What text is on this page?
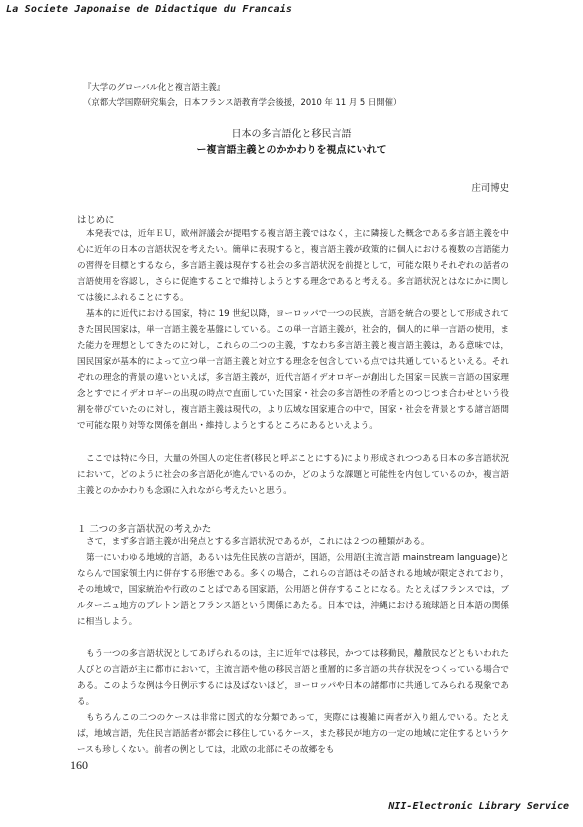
La Societe Japonaise de Didactique du Francais
『大学のグローバル化と複言語主義』
（京都大学国際研究集会，日本フランス語教育学会後援，2010 年 11 月 5 日開催）
日本の多言語化と移民言語
ー複言語主義とのかかわりを視点にいれて
庄司博史
はじめに

本発表では，近年ＥＵ，欧州評議会が提唱する複言語主義ではなく，主に隣接した概念である多言語主義を中心に近年の日本の言語状況を考えたい。簡単に表現すると，複言語主義が政策的に個人における複数の言語能力の習得を目標とするなら，多言語主義は現存する社会の多言語状況を前提として，可能な限りそれぞれの話者の言語使用を容認し，さらに促進することで維持しようとする理念であると考える。多言語状況とはなにかに関しては後にふれることにする。

基本的に近代における国家，特に 19 世紀以降，ヨーロッパで一つの民族，言語を統合の要として形成されてきた国民国家は，単一言語主義を基盤にしている。この単一言語主義が，社会的，個人的に単一言語の使用，また能力を理想としてきたのに対し，これらの二つの主義，すなわち多言語主義と複言語主義は，ある意味では，国民国家が基本的によって立つ単一言語主義と対立する理念を包含している点では共通しているといえる。それぞれの理念的背景の違いといえば，多言語主義が，近代言語イデオロギーが創出した国家＝民族＝言語の国家理念とすでにイデオロギーの出現の時点で直面していた国家・社会の多言語性の矛盾とのつじつま合わせという役割を帯びていたのに対し，複言語主義は現代の，より広域な国家連合の中で，国家・社会を背景とする諸言語間で可能な限り対等な関係を創出・維持しようとするところにあるといえよう。

ここでは特に今日，大量の外国人の定住者(移民と呼ぶことにする)により形成されつつある日本の多言語状況において，どのように社会の多言語化が進んでいるのか，どのような課題と可能性を内包しているのか，複言語主義とのかかわりも念頭に入れながら考えたいと思う。

１ 二つの多言語状況の考えかた

さて，まず多言語主義が出発点とする多言語状況であるが，これには２つの種類がある。

第一にいわゆる地域的言語，あるいは先住民族の言語が，国語，公用語(主流言語 mainstream language)とならんで国家領土内に併存する形態である。多くの場合，これらの言語はその話される地域が限定されており，その地域で，国家統治や行政のことばである国家語，公用語と併存することになる。たとえばフランスでは，ブルターニュ地方のブレトン語とフランス語という関係にあたる。日本では，沖縄における琉球語と日本語の関係に相当しよう。

もう一つの多言語状況としてあげられるのは，主に近年では移民，かつては移動民，離散民などともいわれた人びとの言語が主に都市において，主流言語や他の移民言語と重層的に多言語の共存状況をつくっている場合である。このような例は今日例示するには及ばないほど，ヨーロッパや日本の諸都市に共通してみられる現象である。

もちろんこの二つのケースは非常に図式的な分類であって，実際には複雑に両者が入り組んでいる。たとえば，地域言語，先住民言語話者が都会に移住しているケース，また移民が地方の一定の地域に定住するというケースも珍しくない。前者の例としては，北欧の北部にその故郷をも

160
NII-Electronic Library Service
